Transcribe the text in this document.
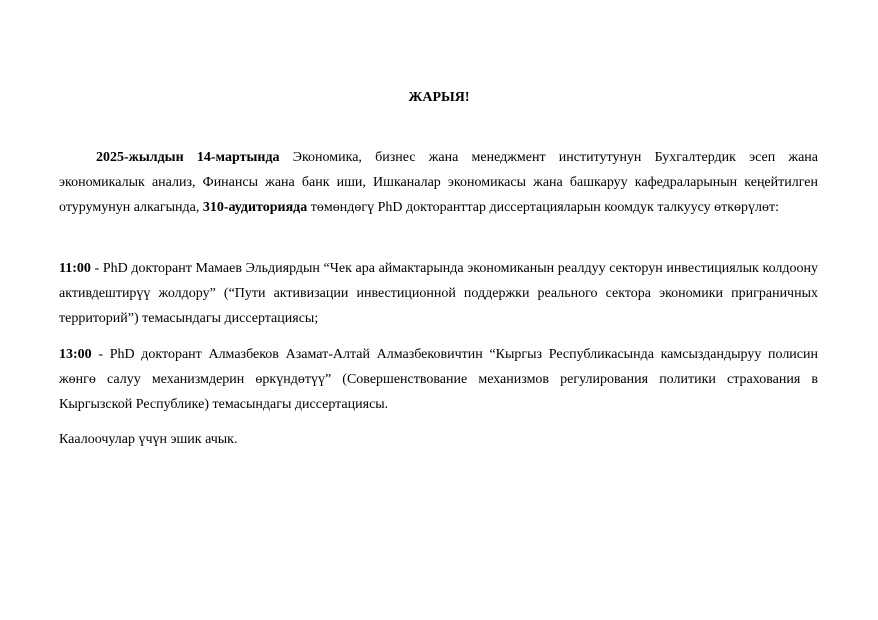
ЖАРЫЯ!

2025-жылдын 14-мартында Экономика, бизнес жана менеджмент институтунун Бухгалтердик эсеп жана экономикалык анализ, Финансы жана банк иши, Ишканалар экономикасы жана башкаруу кафедраларынын кеңейтилген отурумунун алкагында, 310-аудиторияда төмөндөгү PhD докторанттар диссертацияларын коомдук талкуусу өткөрүлөт:

11:00 - PhD докторант Мамаев Эльдиярдын “Чек ара аймактарында экономиканын реалдуу секторун инвестициялык колдоону активдештирүү жолдору” (“Пути активизации инвестиционной поддержки реального сектора экономики приграничных территорий”) темасындагы диссертациясы;

13:00 - PhD докторант Алмазбеков Азамат-Алтай Алмазбековичтин “Кыргыз Республикасында камсыздандыруу полисин жөнгө салуу механизмдерин өркүндөтүү” (Совершенствование механизмов регулирования политики страхования в Кыргызской Республике) темасындагы диссертациясы.

Каалоочулар үчүн эшик ачык.
